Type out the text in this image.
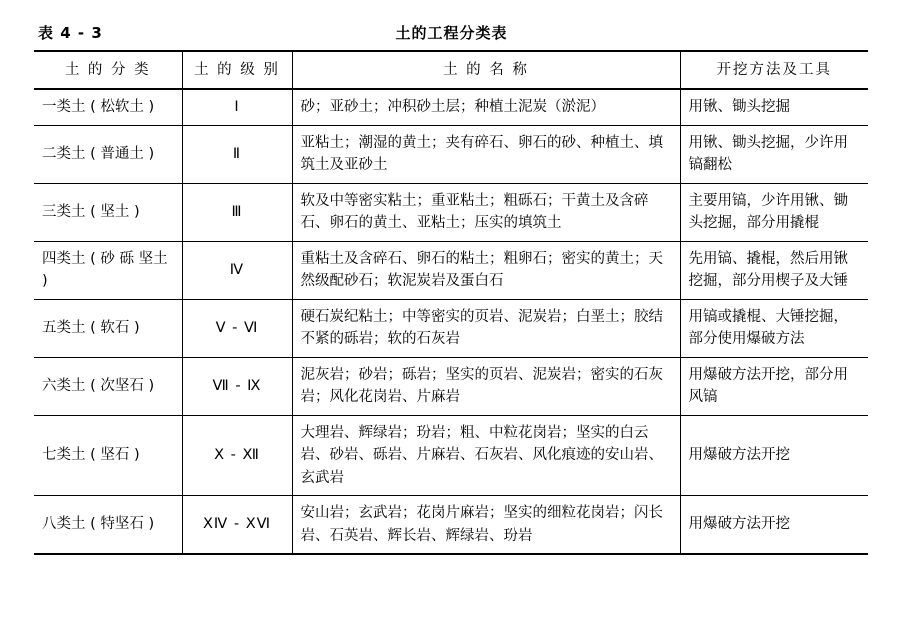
表 4 - 3	土的工程分类表
土 的 分 类	土 的 级 别	土 的 名 称	开挖方法及工具
一类土 ( 松软土 )	Ⅰ	砂；亚砂土；冲积砂土层；种植土泥炭（淤泥）	用锹、锄头挖掘
二类土 ( 普通土 )	Ⅱ	亚粘土；潮湿的黄土；夹有碎石、卵石的砂、种植土、填筑土及亚砂土	用锹、锄头挖掘，少许用镐翻松
三类土 ( 坚土 )	Ⅲ	软及中等密实粘土；重亚粘土；粗砾石；干黄土及含碎石、卵石的黄土、亚粘土；压实的填筑土	主要用镐，少许用锹、锄头挖掘，部分用撬棍
四类土 ( 砂 砾 坚土 )	Ⅳ	重粘土及含碎石、卵石的粘土；粗卵石；密实的黄土；天然级配砂石；软泥炭岩及蛋白石	先用镐、撬棍，然后用锹挖掘，部分用楔子及大锤
五类土 ( 软石 )	Ⅴ - Ⅵ	硬石炭纪粘土；中等密实的页岩、泥炭岩；白垩土；胶结不紧的砾岩；软的石灰岩	用镐或撬棍、大锤挖掘，部分使用爆破方法
六类土 ( 次坚石 )	Ⅶ - Ⅸ	泥灰岩；砂岩；砾岩；坚实的页岩、泥炭岩；密实的石灰岩；风化花岗岩、片麻岩	用爆破方法开挖，部分用风镐
七类土 ( 坚石 )	Ⅹ - Ⅻ	大理岩、辉绿岩；玢岩；粗、中粒花岗岩；坚实的白云岩、砂岩、砾岩、片麻岩、石灰岩、风化痕迹的安山岩、玄武岩	用爆破方法开挖
八类土 ( 特坚石 )	ⅩⅣ - ⅩⅥ	安山岩；玄武岩；花岗片麻岩；坚实的细粒花岗岩；闪长岩、石英岩、辉长岩、辉绿岩、玢岩	用爆破方法开挖
